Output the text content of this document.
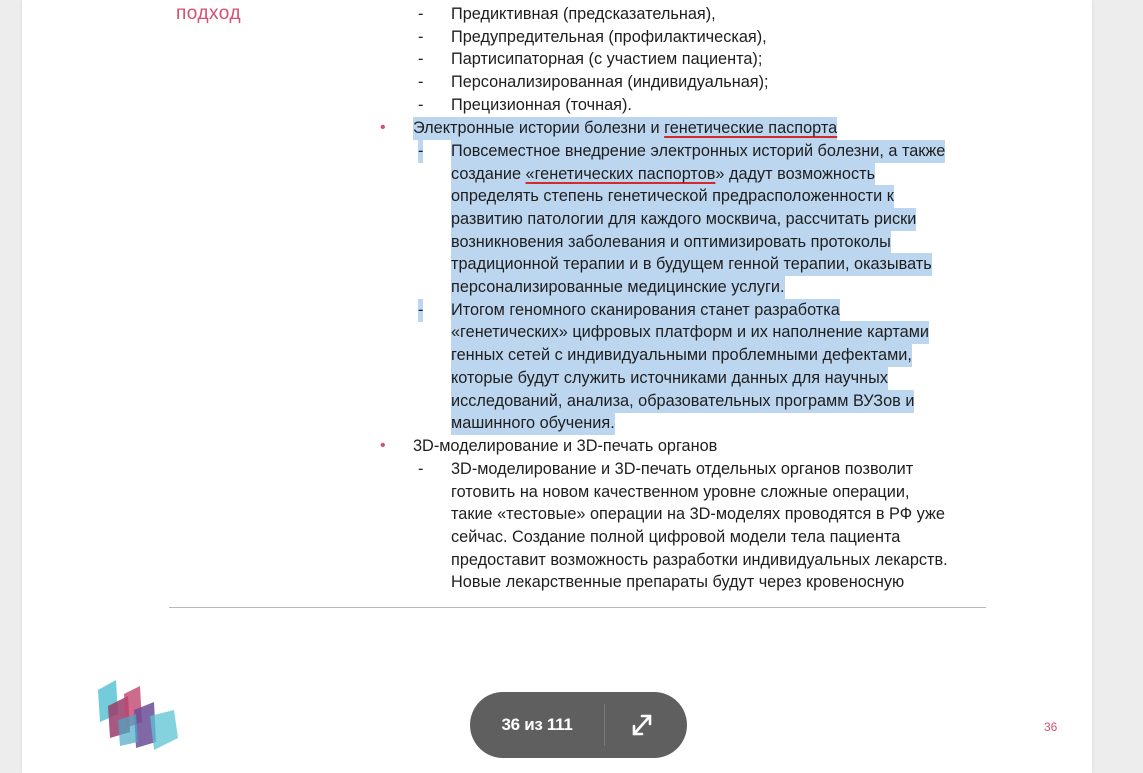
подход	- Предиктивная (предсказательная),
- Предупредительная (профилактическая),
- Партисипаторная (с участием пациента);
- Персонализированная (индивидуальная);
- Прецизионная (точная).
• Электронные истории болезни и генетические паспорта
- Повсеместное внедрение электронных историй болезни, а также
создание «генетических паспортов» дадут возможность
определять степень генетической предрасположенности к
развитию патологии для каждого москвича, рассчитать риски
возникновения заболевания и оптимизировать протоколы
традиционной терапии и в будущем генной терапии, оказывать
персонализированные медицинские услуги.
- Итогом геномного сканирования станет разработка
«генетических» цифровых платформ и их наполнение картами
генных сетей с индивидуальными проблемными дефектами,
которые будут служить источниками данных для научных
исследований, анализа, образовательных программ ВУЗов и
машинного обучения.
• 3D-моделирование и 3D-печать органов
- 3D-моделирование и 3D-печать отдельных органов позволит
готовить на новом качественном уровне сложные операции,
такие «тестовые» операции на 3D-моделях проводятся в РФ уже
сейчас. Создание полной цифровой модели тела пациента
предоставит возможность разработки индивидуальных лекарств.
Новые лекарственные препараты будут через кровеносную
36 из 111	36
